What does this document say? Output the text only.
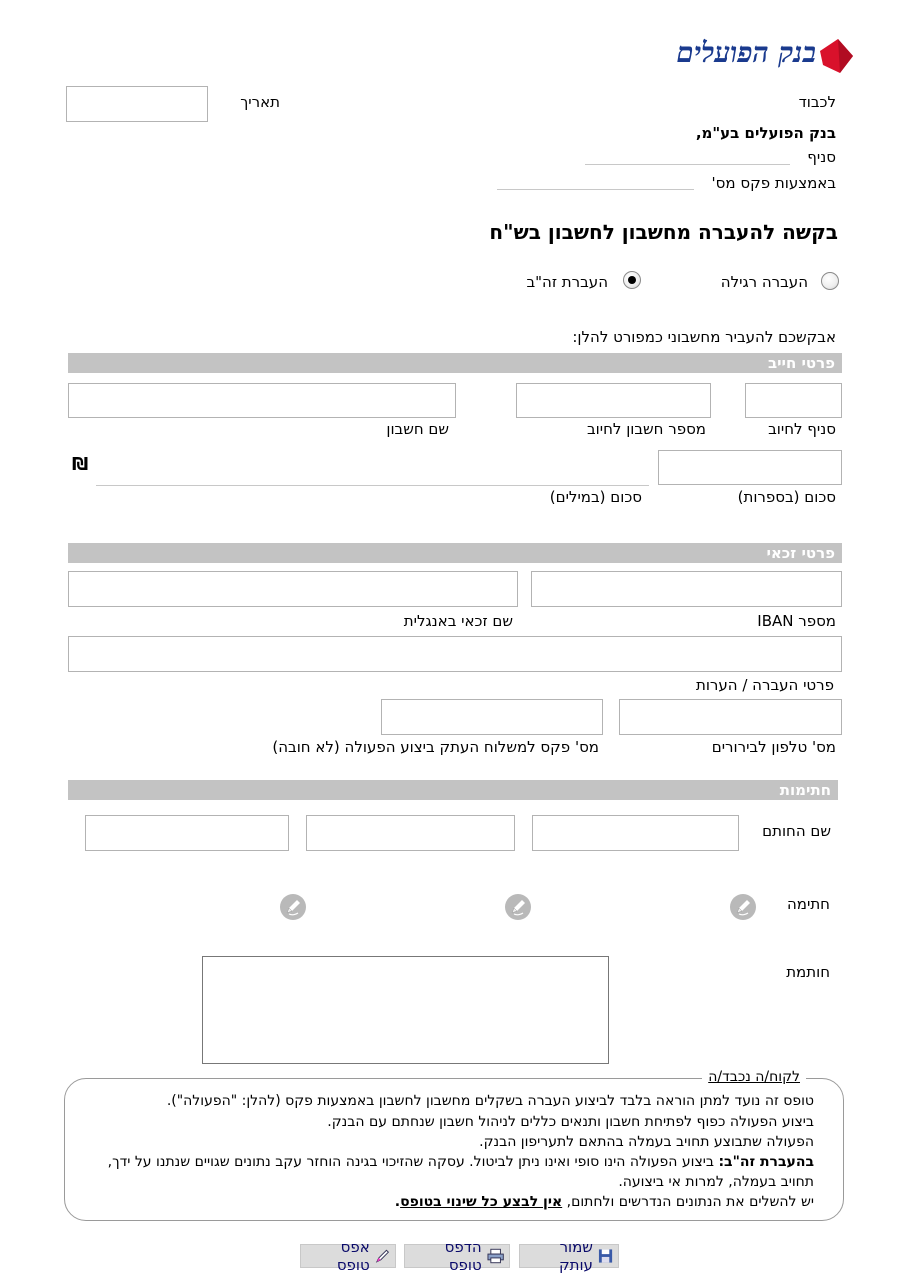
בנק הפועלים
לכבוד
תאריך
בנק הפועלים בע"מ,
סניף
באמצעות פקס מס'
בקשה להעברה מחשבון לחשבון בש"ח
העברה רגילה
העברת זה"ב
אבקשכם להעביר מחשבוני כמפורט להלן:
פרטי חייב
סניף לחיוב
מספר חשבון לחיוב
שם חשבון
₪
סכום (בספרות)
סכום (במילים)
פרטי זכאי
מספר IBAN
שם זכאי באנגלית
פרטי העברה / הערות
מס' טלפון לבירורים
מס' פקס למשלוח העתק ביצוע הפעולה (לא חובה)
חתימות
שם החותם
חתימה
חותמת
לקוח/ה נכבד/ה
טופס זה נועד למתן הוראה בלבד לביצוע העברה בשקלים מחשבון לחשבון באמצעות פקס (להלן: "הפעולה").
ביצוע הפעולה כפוף לפתיחת חשבון ותנאים כללים לניהול חשבון שנחתם עם הבנק.
הפעולה שתבוצע תחויב בעמלה בהתאם לתעריפון הבנק.
בהעברת זה"ב: ביצוע הפעולה הינו סופי ואינו ניתן לביטול. עסקה שהזיכוי בגינה הוחזר עקב נתונים שגויים שנתנו על ידך,
תחויב בעמלה, למרות אי ביצועה.
יש להשלים את הנתונים הנדרשים ולחתום, אין לבצע כל שינוי בטופס.
שמור עותק
הדפס טופס
אפס טופס
